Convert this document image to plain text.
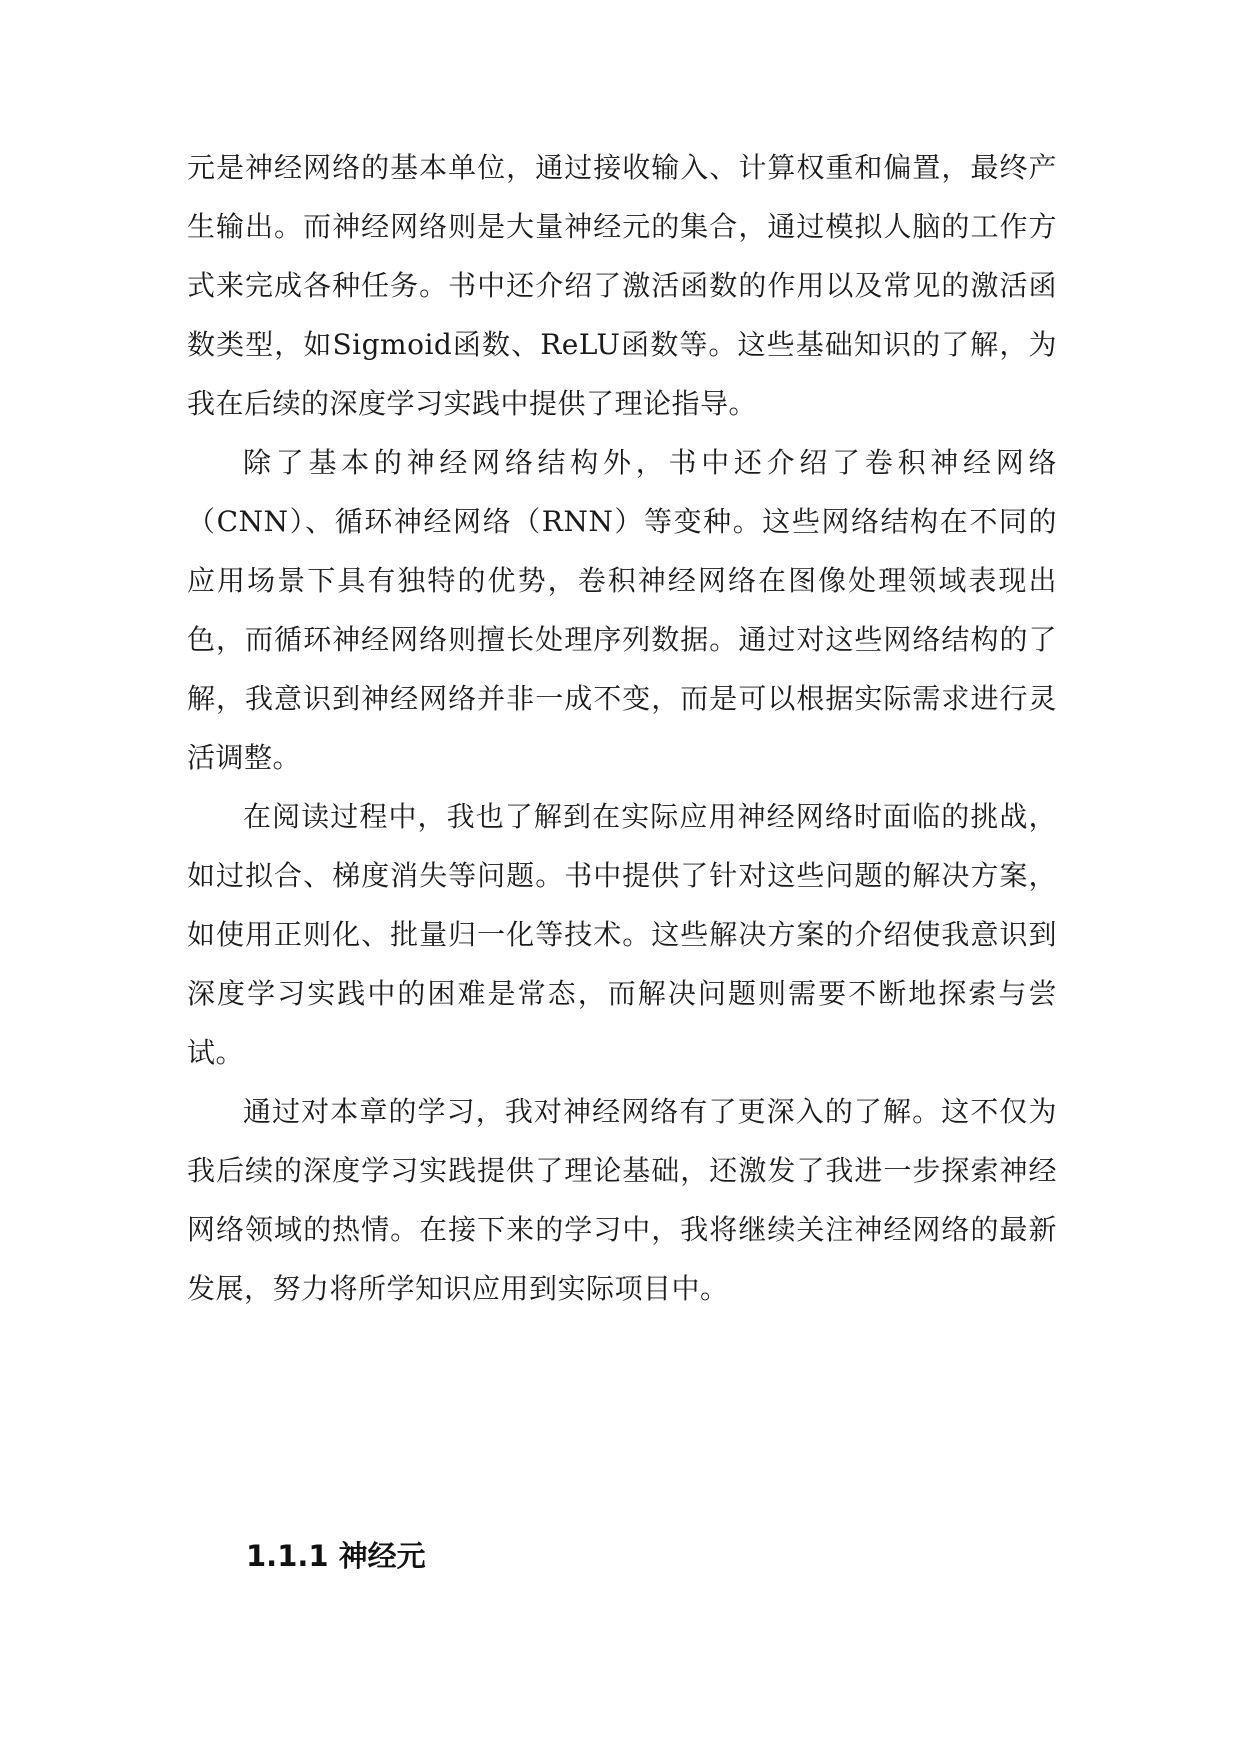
元是神经网络的基本单位，通过接收输入、计算权重和偏置，最终产生输出。而神经网络则是大量神经元的集合，通过模拟人脑的工作方式来完成各种任务。书中还介绍了激活函数的作用以及常见的激活函数类型，如Sigmoid函数、ReLU函数等。这些基础知识的了解，为我在后续的深度学习实践中提供了理论指导。

除了基本的神经网络结构外，书中还介绍了卷积神经网络（CNN）、循环神经网络（RNN）等变种。这些网络结构在不同的应用场景下具有独特的优势，卷积神经网络在图像处理领域表现出色，而循环神经网络则擅长处理序列数据。通过对这些网络结构的了解，我意识到神经网络并非一成不变，而是可以根据实际需求进行灵活调整。

在阅读过程中，我也了解到在实际应用神经网络时面临的挑战，如过拟合、梯度消失等问题。书中提供了针对这些问题的解决方案，如使用正则化、批量归一化等技术。这些解决方案的介绍使我意识到深度学习实践中的困难是常态，而解决问题则需要不断地探索与尝试。

通过对本章的学习，我对神经网络有了更深入的了解。这不仅为我后续的深度学习实践提供了理论基础，还激发了我进一步探索神经网络领域的热情。在接下来的学习中，我将继续关注神经网络的最新发展，努力将所学知识应用到实际项目中。

1.1.1 神经元
